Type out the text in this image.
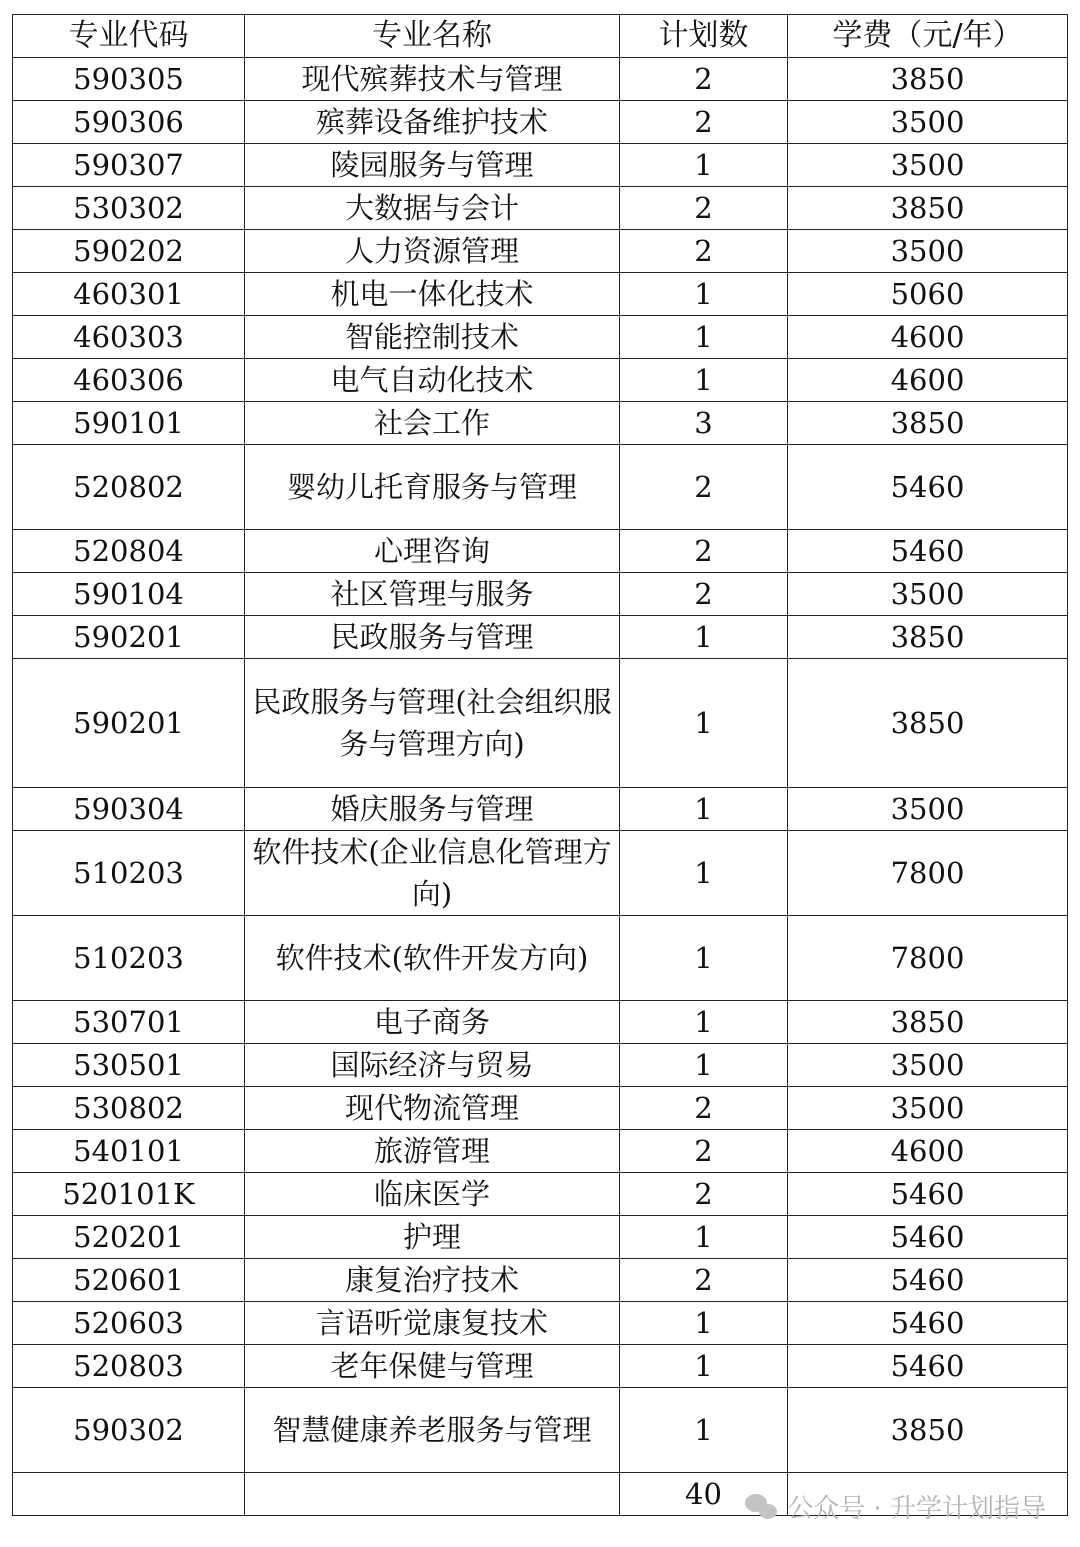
专业代码	专业名称	计划数	学费（元/年）
590305	现代殡葬技术与管理	2	3850
590306	殡葬设备维护技术	2	3500
590307	陵园服务与管理	1	3500
530302	大数据与会计	2	3850
590202	人力资源管理	2	3500
460301	机电一体化技术	1	5060
460303	智能控制技术	1	4600
460306	电气自动化技术	1	4600
590101	社会工作	3	3850
520802	婴幼儿托育服务与管理	2	5460
520804	心理咨询	2	5460
590104	社区管理与服务	2	3500
590201	民政服务与管理	1	3850
590201	民政服务与管理(社会组织服务与管理方向)	1	3850
590304	婚庆服务与管理	1	3500
510203	软件技术(企业信息化管理方向)	1	7800
510203	软件技术(软件开发方向)	1	7800
530701	电子商务	1	3850
530501	国际经济与贸易	1	3500
530802	现代物流管理	2	3500
540101	旅游管理	2	4600
520101K	临床医学	2	5460
520201	护理	1	5460
520601	康复治疗技术	2	5460
520603	言语听觉康复技术	1	5460
520803	老年保健与管理	1	5460
590302	智慧健康养老服务与管理	1	3850
		40		公众号 · 升学计划指导
